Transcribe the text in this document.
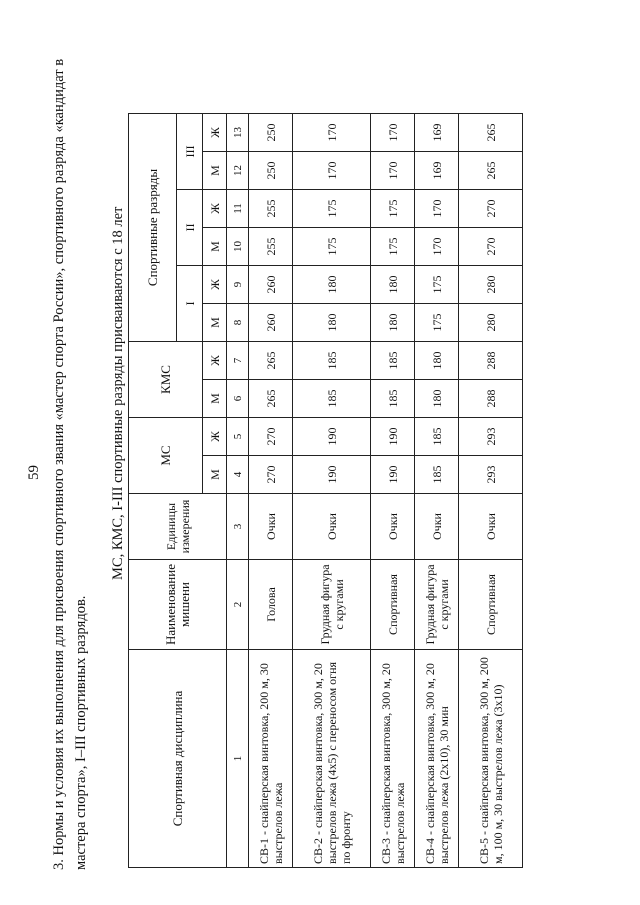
59 3. Нормы и условия их выполнения для присвоения спортивного звания «мастер спорта России», спортивного разряда «кандидат в мастера спорта», I–III спортивных разрядов.
МС, КМС, I-III спортивные разряды присваиваются с 18 лет
Спортивная дисциплина	Наименование мишени	Единицы измерения	МС		КМС		Спортивные разряды					
							I		II		III	
			М	Ж	М	Ж	М	Ж	М	Ж	М	Ж
1	2	3	4	5	6	7	8	9	10	11	12	13
СВ-1 - снайперская винтовка, 200 м, 30 выстрелов лежа	Голова	Очки	270	270	265	265	260	260	255	255	250	250
СВ-2 - снайперская винтовка, 300 м, 20 выстрелов лежа (4x5) с переносом огня по фронту	Грудная фигура с кругами	Очки	190	190	185	185	180	180	175	175	170	170
СВ-3 - снайперская винтовка, 300 м, 20 выстрелов лежа	Спортивная	Очки	190	190	185	185	180	180	175	175	170	170
СВ-4 - снайперская винтовка, 300 м, 20 выстрелов лежа (2x10), 30 мин	Грудная фигура с кругами	Очки	185	185	180	180	175	175	170	170	169	169
СВ-5 - снайперская винтовка, 300 м, 200 м, 100 м, 30 выстрелов лежа (3x10)	Спортивная	Очки	293	293	288	288	280	280	270	270	265	265
